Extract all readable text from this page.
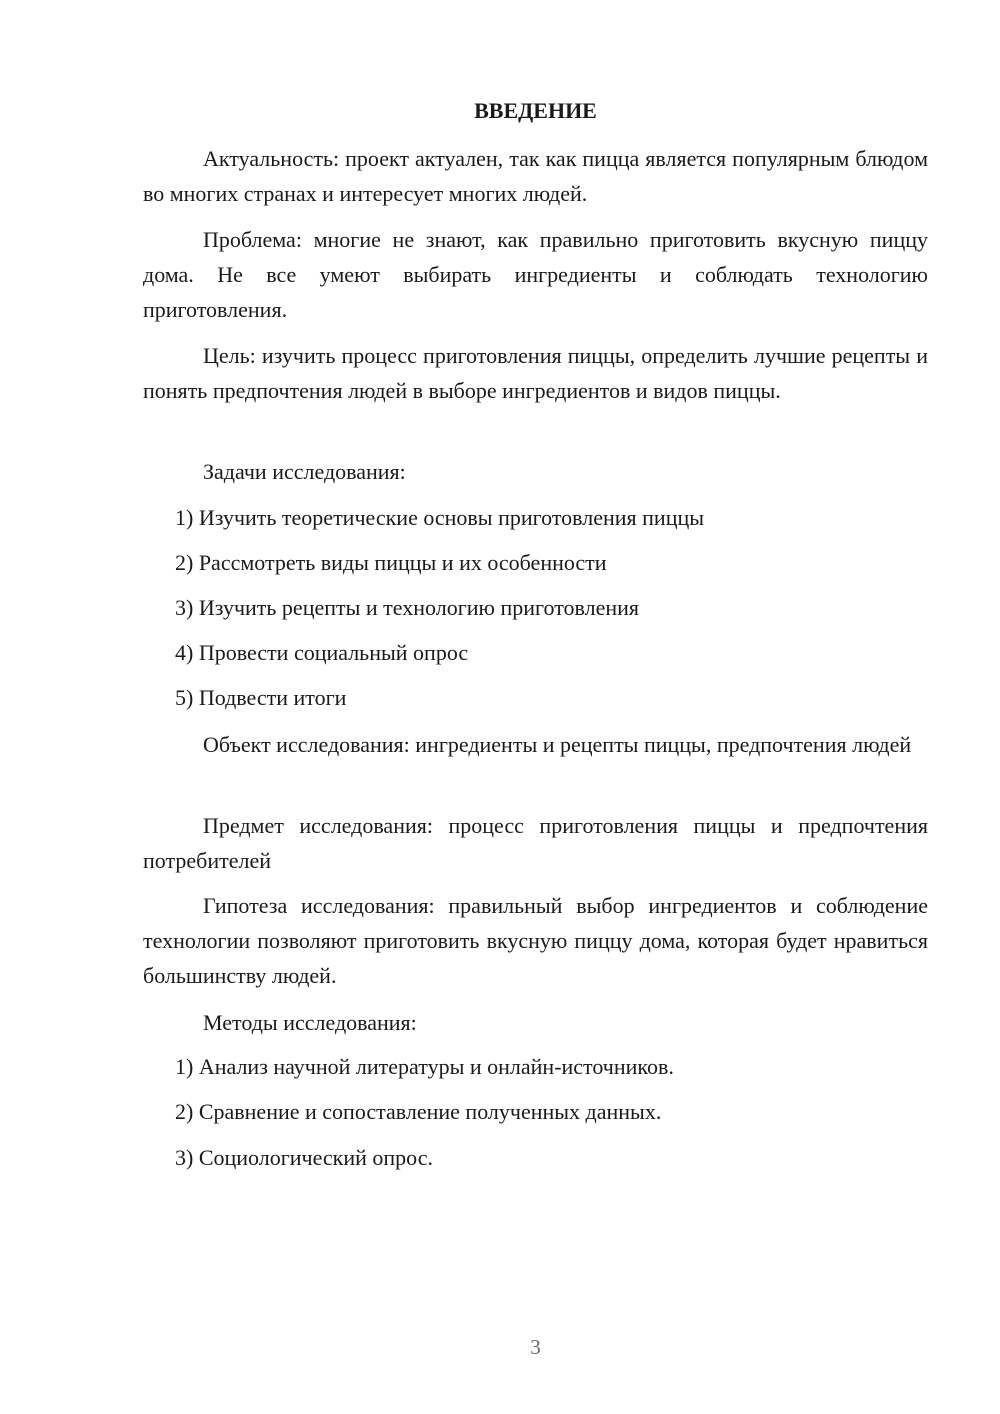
ВВЕДЕНИЕ

Актуальность: проект актуален, так как пицца является популярным блюдом во многих странах и интересует многих людей.

Проблема: многие не знают, как правильно приготовить вкусную пиццу дома. Не все умеют выбирать ингредиенты и соблюдать технологию приготовления.

Цель: изучить процесс приготовления пиццы, определить лучшие рецепты и понять предпочтения людей в выборе ингредиентов и видов пиццы.

Задачи исследования:

1) Изучить теоретические основы приготовления пиццы

2) Рассмотреть виды пиццы и их особенности

3) Изучить рецепты и технологию приготовления

4) Провести социальный опрос

5) Подвести итоги

Объект исследования: ингредиенты и рецепты пиццы, предпочтения людей

Предмет исследования: процесс приготовления пиццы и предпочтения потребителей

Гипотеза исследования: правильный выбор ингредиентов и соблюдение технологии позволяют приготовить вкусную пиццу дома, которая будет нравиться большинству людей.

Методы исследования:

1) Анализ научной литературы и онлайн-источников.

2) Сравнение и сопоставление полученных данных.

3) Социологический опрос.

3
